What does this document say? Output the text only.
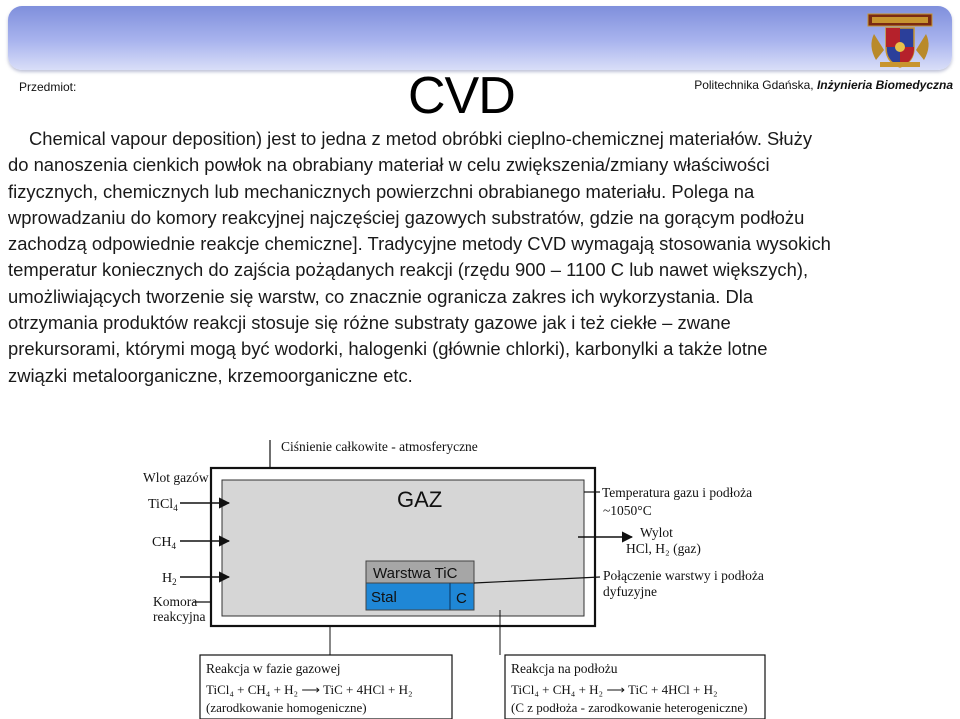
Przedmiot:	CVD	Politechnika Gdańska, Inżynieria Biomedyczna
Chemical vapour deposition) jest to jedna z metod obróbki cieplno-chemicznej materiałów. Służy
do nanoszenia cienkich powłok na obrabiany materiał w celu zwiększenia/zmiany właściwości
fizycznych, chemicznych lub mechanicznych powierzchni obrabianego materiału. Polega na
wprowadzaniu do komory reakcyjnej najczęściej gazowych substratów, gdzie na gorącym podłożu
zachodzą odpowiednie reakcje chemiczne]. Tradycyjne metody CVD wymagają stosowania wysokich
temperatur koniecznych do zajścia pożądanych reakcji (rzędu 900 – 1100 C lub nawet większych),
umożliwiających tworzenie się warstw, co znacznie ogranicza zakres ich wykorzystania. Dla
otrzymania produktów reakcji stosuje się różne substraty gazowe jak i też ciekłe – zwane
prekursorami, którymi mogą być wodorki, halogenki (głównie chlorki), karbonylki a także lotne
związki metaloorganiczne, krzemoorganiczne etc.
Ciśnienie całkowite - atmosferyczne
GAZ
Warstwa TiC
Stal	C
Wlot gazów
TiCl$_4$
$CH_4$
$H_2$
Komora
reakcyjna
Temperatura gazu i podłoża
~1050°C
Wylot
HCl, H₂ (gaz)
Połączenie warstwy i podłoża
dyfuzyjne
Reakcja w fazie gazowej
TiCl₄ + CH₄ + H₂ ⟶ TiC + 4HCl + H₂
(zarodkowanie homogeniczne)
Reakcja na podłożu
TiCl₄ + CH₄ + H₂ ⟶ TiC + 4HCl + H₂
(C z podłoża - zarodkowanie heterogeniczne)
